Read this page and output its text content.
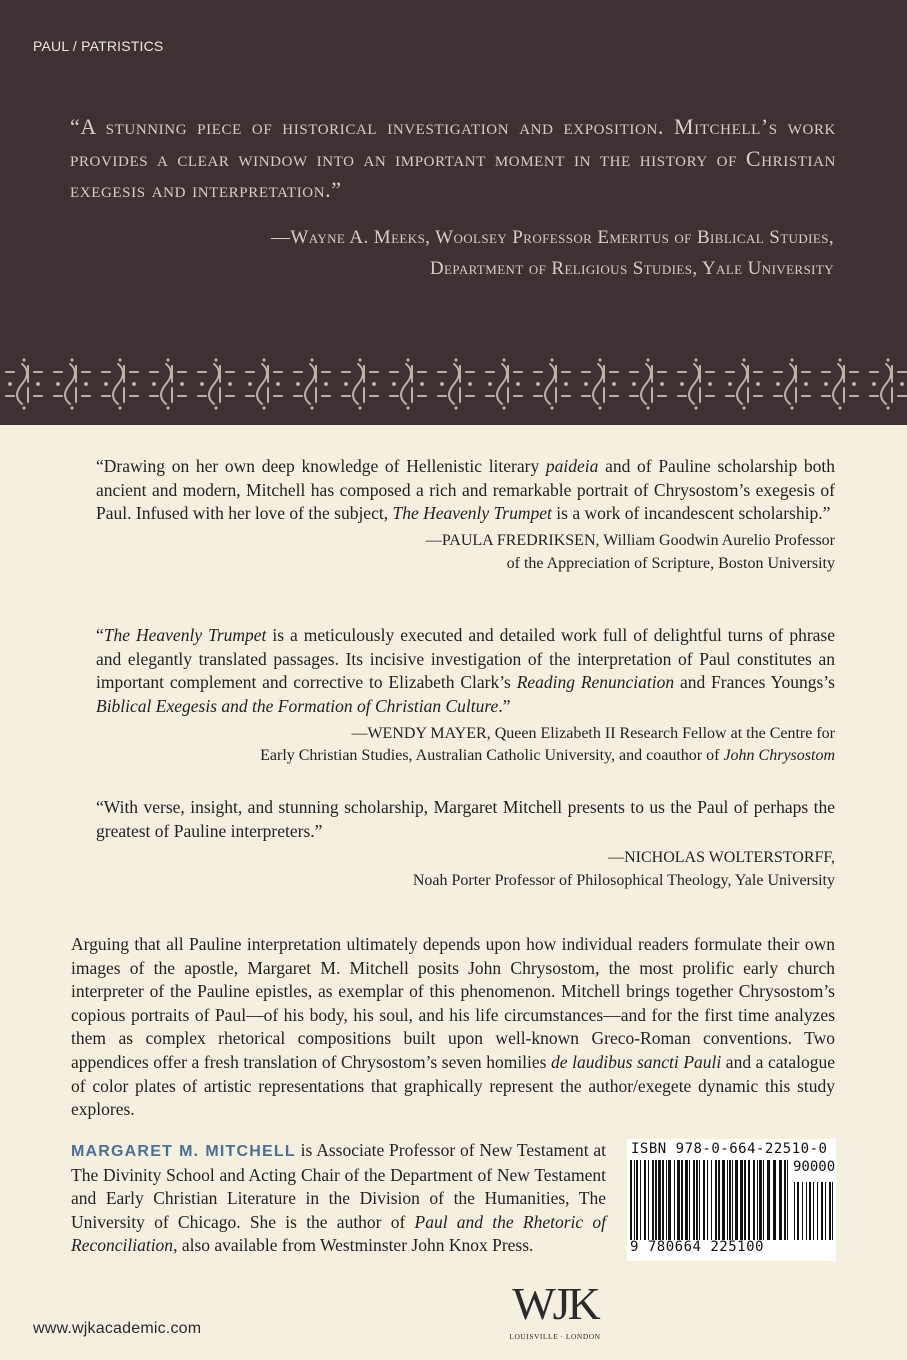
PAUL / PATRISTICS

“A stunning piece of historical investigation and exposition. Mitchell’s work provides a clear window into an important moment in the history of Christian exegesis and interpretation.”

—Wayne A. Meeks, Woolsey Professor Emeritus of Biblical Studies,
Department of Religious Studies, Yale University

“Drawing on her own deep knowledge of Hellenistic literary paideia and of Pauline scholarship both ancient and modern, Mitchell has composed a rich and remarkable portrait of Chrysostom’s exegesis of Paul. Infused with her love of the subject, The Heavenly Trumpet is a work of incandescent scholarship.”

—PAULA FREDRIKSEN, William Goodwin Aurelio Professor
of the Appreciation of Scripture, Boston University

“The Heavenly Trumpet is a meticulously executed and detailed work full of delightful turns of phrase and elegantly translated passages. Its incisive investigation of the interpretation of Paul constitutes an important complement and corrective to Elizabeth Clark’s Reading Renunciation and Frances Youngs’s Biblical Exegesis and the Formation of Christian Culture.”

—WENDY MAYER, Queen Elizabeth II Research Fellow at the Centre for
Early Christian Studies, Australian Catholic University, and coauthor of John Chrysostom

“With verse, insight, and stunning scholarship, Margaret Mitchell presents to us the Paul of perhaps the greatest of Pauline interpreters.”

—NICHOLAS WOLTERSTORFF,
Noah Porter Professor of Philosophical Theology, Yale University

Arguing that all Pauline interpretation ultimately depends upon how individual readers formulate their own images of the apostle, Margaret M. Mitchell posits John Chrysostom, the most prolific early church interpreter of the Pauline epistles, as exemplar of this phenomenon. Mitchell brings together Chrysostom’s copious portraits of Paul—of his body, his soul, and his life circumstances—and for the first time analyzes them as complex rhetorical compositions built upon well-known Greco-Roman conventions. Two appendices offer a fresh translation of Chrysostom’s seven homilies de laudibus sancti Pauli and a catalogue of color plates of artistic representations that graphically represent the author/exegete dynamic this study explores.

MARGARET M. MITCHELL is Associate Professor of New Testament at The Divinity School and Acting Chair of the Department of New Testament and Early Christian Literature in the Division of the Humanities, The University of Chicago. She is the author of Paul and the Rhetoric of Reconciliation, also available from Westminster John Knox Press.

ISBN 978-0-664-22510-0
90000
9 780664 225100
www.wjkacademic.com	WJK
LOUISVILLE · LONDON
